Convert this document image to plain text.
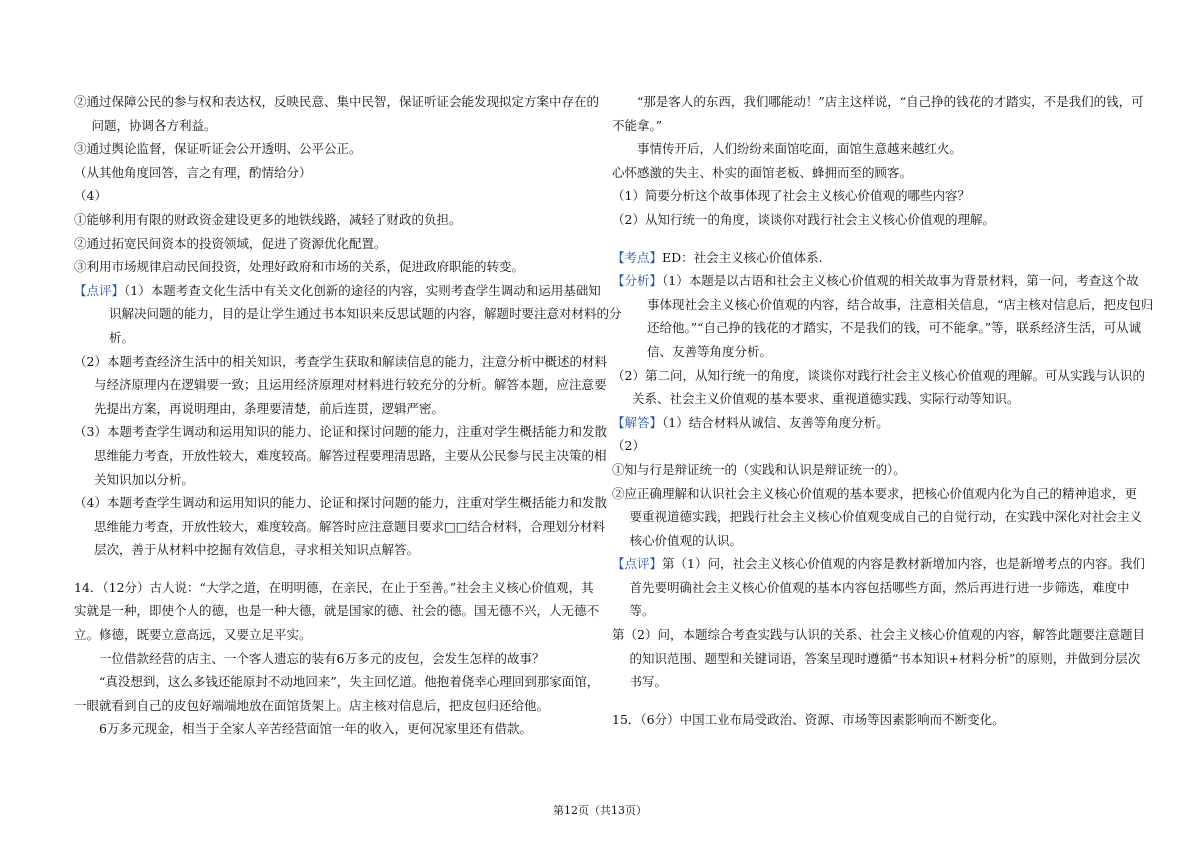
②通过保障公民的参与权和表达权，反映民意、集中民智，保证听证会能发现拟定方案中存在的
问题，协调各方利益。
③通过舆论监督，保证听证会公开透明、公平公正。
（从其他角度回答，言之有理，酌情给分）
（4）
①能够利用有限的财政资金建设更多的地铁线路，减轻了财政的负担。
②通过拓宽民间资本的投资领域，促进了资源优化配置。
③利用市场规律启动民间投资，处理好政府和市场的关系，促进政府职能的转变。
【点评】（1）本题考查文化生活中有关文化创新的途径的内容，实则考查学生调动和运用基础知
识解决问题的能力，目的是让学生通过书本知识来反思试题的内容，解题时要注意对材料的分
析。
（2）本题考查经济生活中的相关知识，考查学生获取和解读信息的能力，注意分析中概述的材料
与经济原理内在逻辑要一致；且运用经济原理对材料进行较充分的分析。解答本题，应注意要
先提出方案，再说明理由，条理要清楚，前后连贯，逻辑严密。
（3）本题考查学生调动和运用知识的能力、论证和探讨问题的能力，注重对学生概括能力和发散
思维能力考查，开放性较大，难度较高。解答过程要理清思路，主要从公民参与民主决策的相
关知识加以分析。
（4）本题考查学生调动和运用知识的能力、论证和探讨问题的能力，注重对学生概括能力和发散
思维能力考查，开放性较大，难度较高。解答时应注意题目要求□□结合材料，合理划分材料
层次，善于从材料中挖掘有效信息，寻求相关知识点解答。
14．（12分）古人说：“大学之道，在明明德，在亲民，在止于至善。”社会主义核心价值观，其
实就是一种，即使个人的德，也是一种大德，就是国家的德、社会的德。国无德不兴，人无德不
立。修德，既要立意高远，又要立足平实。
一位借款经营的店主、一个客人遗忘的装有6万多元的皮包，会发生怎样的故事？
“真没想到，这么多钱还能原封不动地回来”，失主回忆道。他抱着侥幸心理回到那家面馆，
一眼就看到自己的皮包好端端地放在面馆货架上。店主核对信息后，把皮包归还给他。
6万多元现金，相当于全家人辛苦经营面馆一年的收入，更何况家里还有借款。
“那是客人的东西，我们哪能动！”店主这样说，“自己挣的钱花的才踏实，不是我们的钱，可
不能拿。”
事情传开后，人们纷纷来面馆吃面，面馆生意越来越红火。
心怀感激的失主、朴实的面馆老板、蜂拥而至的顾客。
（1）简要分析这个故事体现了社会主义核心价值观的哪些内容？
（2）从知行统一的角度，谈谈你对践行社会主义核心价值观的理解。
【考点】ED：社会主义核心价值体系.
【分析】（1）本题是以古语和社会主义核心价值观的相关故事为背景材料，第一问，考查这个故
事体现社会主义核心价值观的内容，结合故事，注意相关信息，“店主核对信息后，把皮包归
还给他。”“自己挣的钱花的才踏实，不是我们的钱，可不能拿。”等，联系经济生活，可从诚
信、友善等角度分析。
（2）第二问，从知行统一的角度，谈谈你对践行社会主义核心价值观的理解。可从实践与认识的
关系、社会主义价值观的基本要求、重视道德实践、实际行动等知识。
【解答】（1）结合材料从诚信、友善等角度分析。
（2）
①知与行是辩证统一的（实践和认识是辩证统一的）。
②应正确理解和认识社会主义核心价值观的基本要求，把核心价值观内化为自己的精神追求，更
要重视道德实践，把践行社会主义核心价值观变成自己的自觉行动，在实践中深化对社会主义
核心价值观的认识。
【点评】第（1）问，社会主义核心价值观的内容是教材新增加内容，也是新增考点的内容。我们
首先要明确社会主义核心价值观的基本内容包括哪些方面，然后再进行进一步筛选，难度中
等。
第（2）问，本题综合考查实践与认识的关系、社会主义核心价值观的内容，解答此题要注意题目
的知识范围、题型和关键词语，答案呈现时遵循“书本知识+材料分析”的原则，并做到分层次
书写。
15．（6分）中国工业布局受政治、资源、市场等因素影响而不断变化。
第12页（共13页）
